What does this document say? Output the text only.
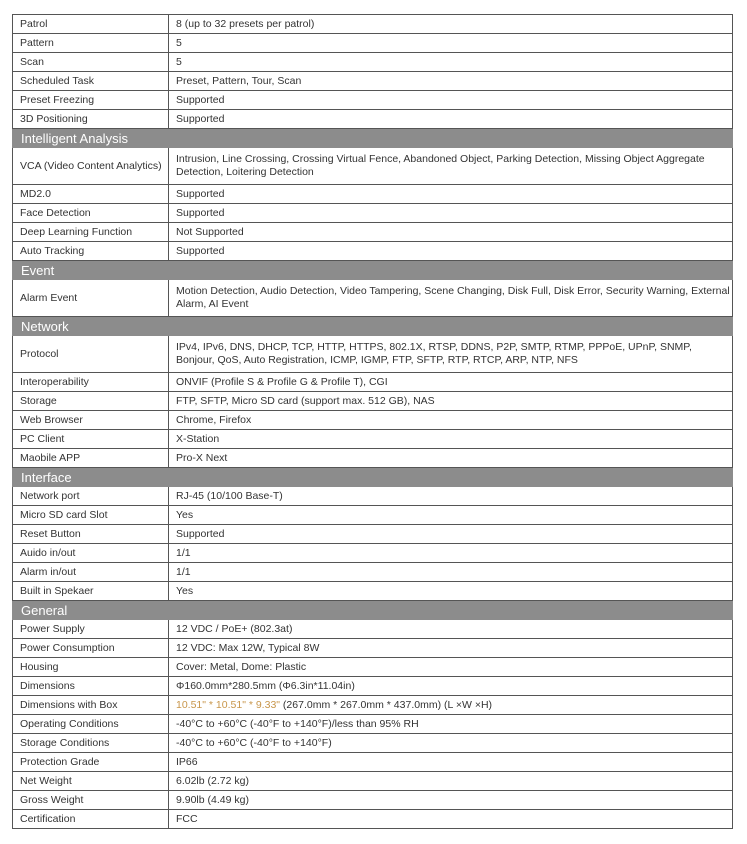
Patrol	8 (up to 32 presets per patrol)
Pattern	5
Scan	5
Scheduled Task	Preset, Pattern, Tour, Scan
Preset Freezing	Supported
3D Positioning	Supported
Intelligent Analysis	
VCA (Video Content Analytics)	Intrusion, Line Crossing, Crossing Virtual Fence, Abandoned Object, Parking Detection, Missing Object Aggregate Detection, Loitering Detection
MD2.0	Supported
Face Detection	Supported
Deep Learning Function	Not Supported
Auto Tracking	Supported
Event	
Alarm Event	Motion Detection, Audio Detection, Video Tampering, Scene Changing, Disk Full, Disk Error, Security Warning, External Alarm, AI Event
Network	
Protocol	IPv4, IPv6, DNS, DHCP, TCP, HTTP, HTTPS, 802.1X, RTSP, DDNS, P2P, SMTP, RTMP, PPPoE, UPnP, SNMP, Bonjour, QoS, Auto Registration, ICMP, IGMP, FTP, SFTP, RTP, RTCP, ARP, NTP, NFS
Interoperability	ONVIF (Profile S & Profile G & Profile T), CGI
Storage	FTP, SFTP, Micro SD card (support max. 512 GB), NAS
Web Browser	Chrome, Firefox
PC Client	X-Station
Maobile APP	Pro-X Next
Interface	
Network port	RJ-45 (10/100 Base-T)
Micro SD card Slot	Yes
Reset Button	Supported
Auido in/out	1/1
Alarm in/out	1/1
Built in Spekaer	Yes
General	
Power Supply	12 VDC / PoE+ (802.3at)
Power Consumption	12 VDC: Max 12W, Typical 8W
Housing	Cover: Metal, Dome: Plastic
Dimensions	Φ160.0mm*280.5mm (Φ6.3in*11.04in)
Dimensions with Box	10.51" * 10.51" * 9.33" (267.0mm * 267.0mm * 437.0mm) (L ×W ×H)
Operating Conditions	-40°C to +60°C (-40°F to +140°F)/less than 95% RH
Storage Conditions	-40°C to +60°C (-40°F to +140°F)
Protection Grade	IP66
Net Weight	6.02lb (2.72 kg)
Gross Weight	9.90lb (4.49 kg)
Certification	FCC
